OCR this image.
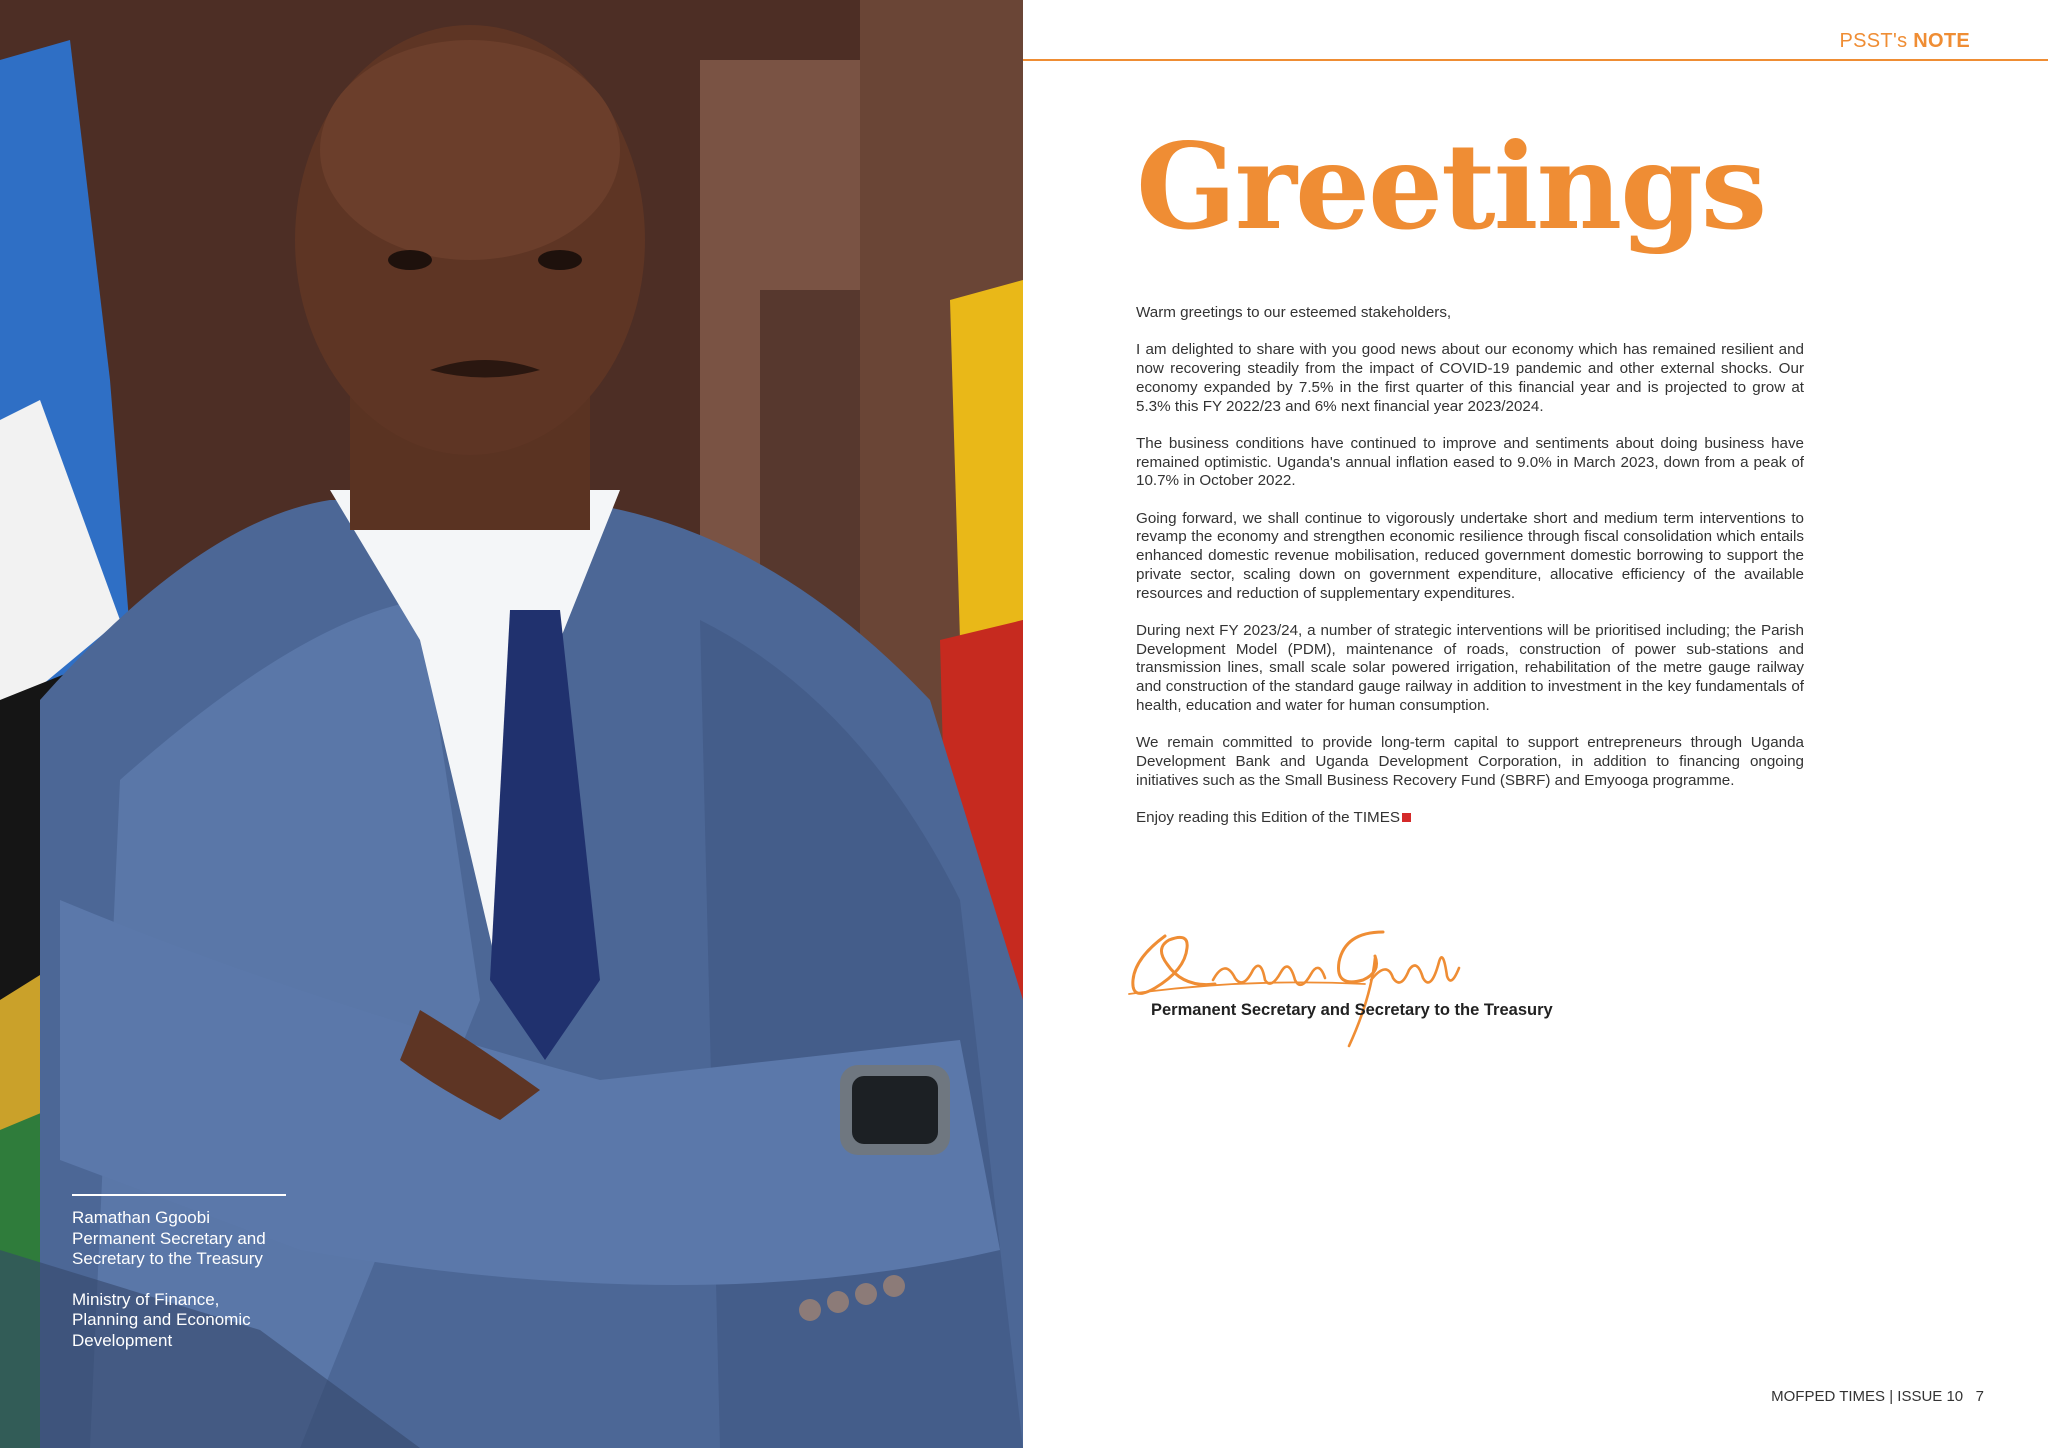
Ramathan Ggoobi

Permanent Secretary and

Secretary to the Treasury

Ministry of Finance,

Planning and Economic

Development

PSST's NOTE
Greetings

Warm greetings to our esteemed stakeholders,

I am delighted to share with you good news about our economy which has remained resilient and now recovering steadily from the impact of COVID-19 pandemic and other external shocks. Our economy expanded by 7.5% in the first quarter of this financial year and is projected to grow at 5.3% this FY 2022/23 and 6% next financial year 2023/2024.

The business conditions have continued to improve and sentiments about doing business have remained optimistic. Uganda's annual inflation eased to 9.0% in March 2023, down from a peak of 10.7% in October 2022.

Going forward, we shall continue to vigorously undertake short and medium term interventions to revamp the economy and strengthen economic resilience through fiscal consolidation which entails enhanced domestic revenue mobilisation, reduced government domestic borrowing to support the private sector, scaling down on government expenditure, allocative efficiency of the available resources and reduction of supplementary expenditures.

During next FY 2023/24, a number of strategic interventions will be prioritised including; the Parish Development Model (PDM), maintenance of roads, construction of power sub-stations and transmission lines, small scale solar powered irrigation, rehabilitation of the metre gauge railway and construction of the standard gauge railway in addition to investment in the key fundamentals of health, education and water for human consumption.

We remain committed to provide long-term capital to support entrepreneurs through Uganda Development Bank and Uganda Development Corporation, in addition to financing ongoing initiatives such as the Small Business Recovery Fund (SBRF) and Emyooga programme.

Enjoy reading this Edition of the TIMES

Permanent Secretary and Secretary to the Treasury
MOFPED TIMES | ISSUE 10 7
